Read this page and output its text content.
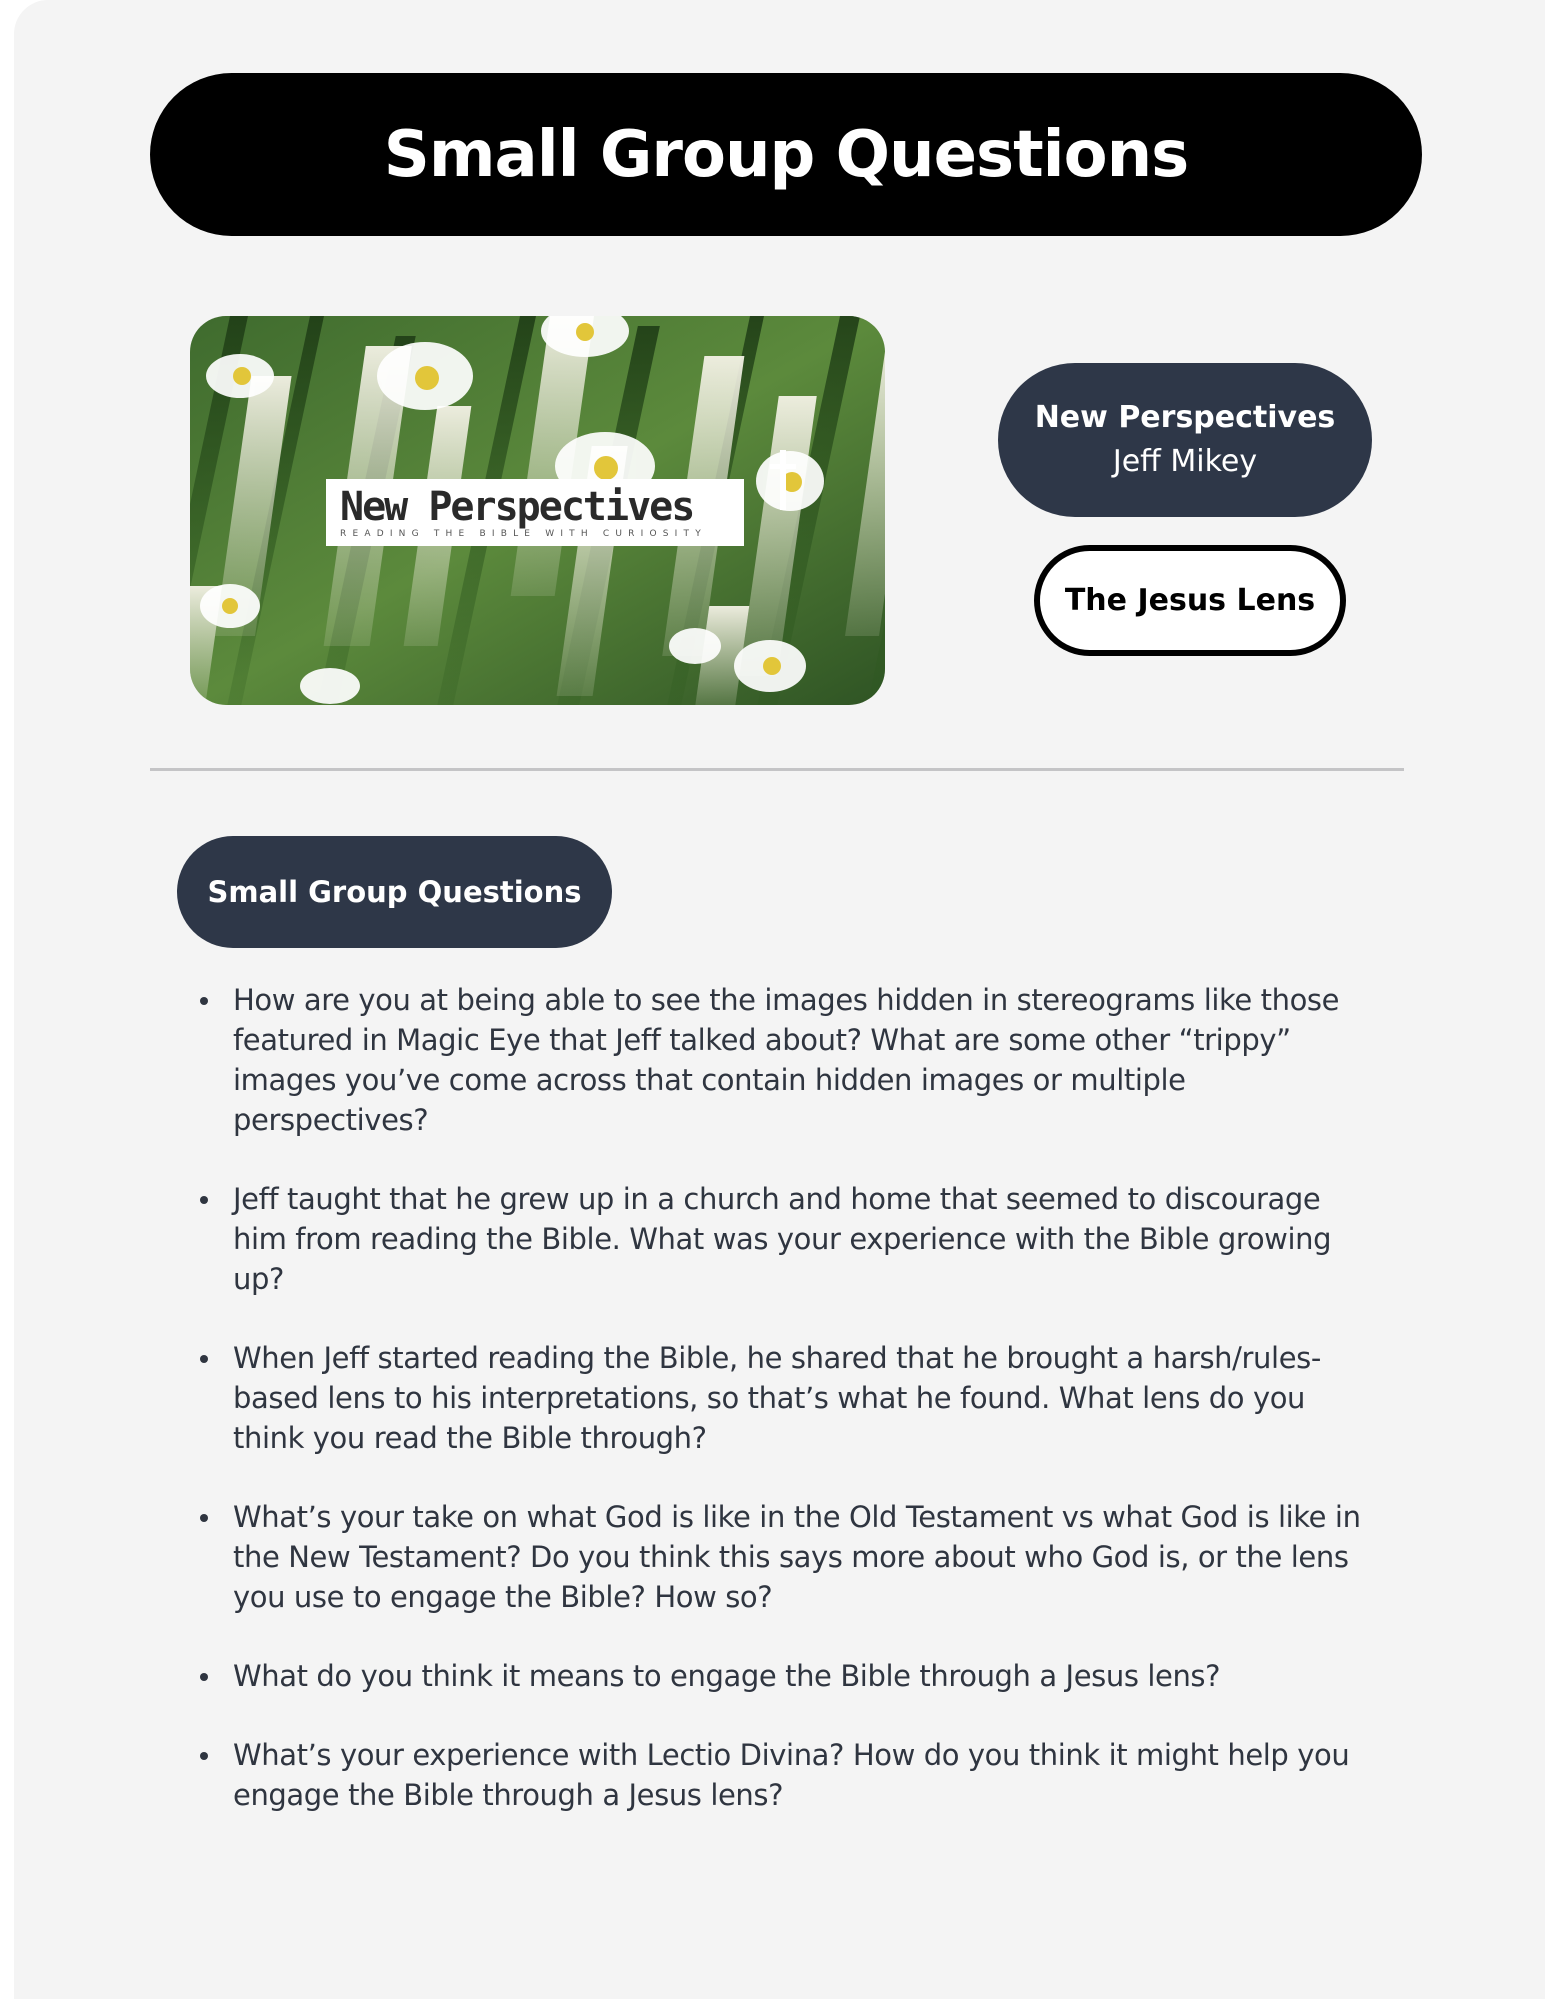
Small Group Questions
New Perspectives
READING THE BIBLE WITH CURIOSITY
New Perspectives
Jeff Mikey
The Jesus Lens
Small Group Questions
How are you at being able to see the images hidden in stereograms like those featured in Magic Eye that Jeff talked about? What are some other “trippy” images you’ve come across that contain hidden images or multiple perspectives?
Jeff taught that he grew up in a church and home that seemed to discourage him from reading the Bible. What was your experience with the Bible growing up?
When Jeff started reading the Bible, he shared that he brought a harsh/rules-based lens to his interpretations, so that’s what he found. What lens do you think you read the Bible through?
What’s your take on what God is like in the Old Testament vs what God is like in the New Testament? Do you think this says more about who God is, or the lens you use to engage the Bible? How so?
What do you think it means to engage the Bible through a Jesus lens?
What’s your experience with Lectio Divina? How do you think it might help you engage the Bible through a Jesus lens?
